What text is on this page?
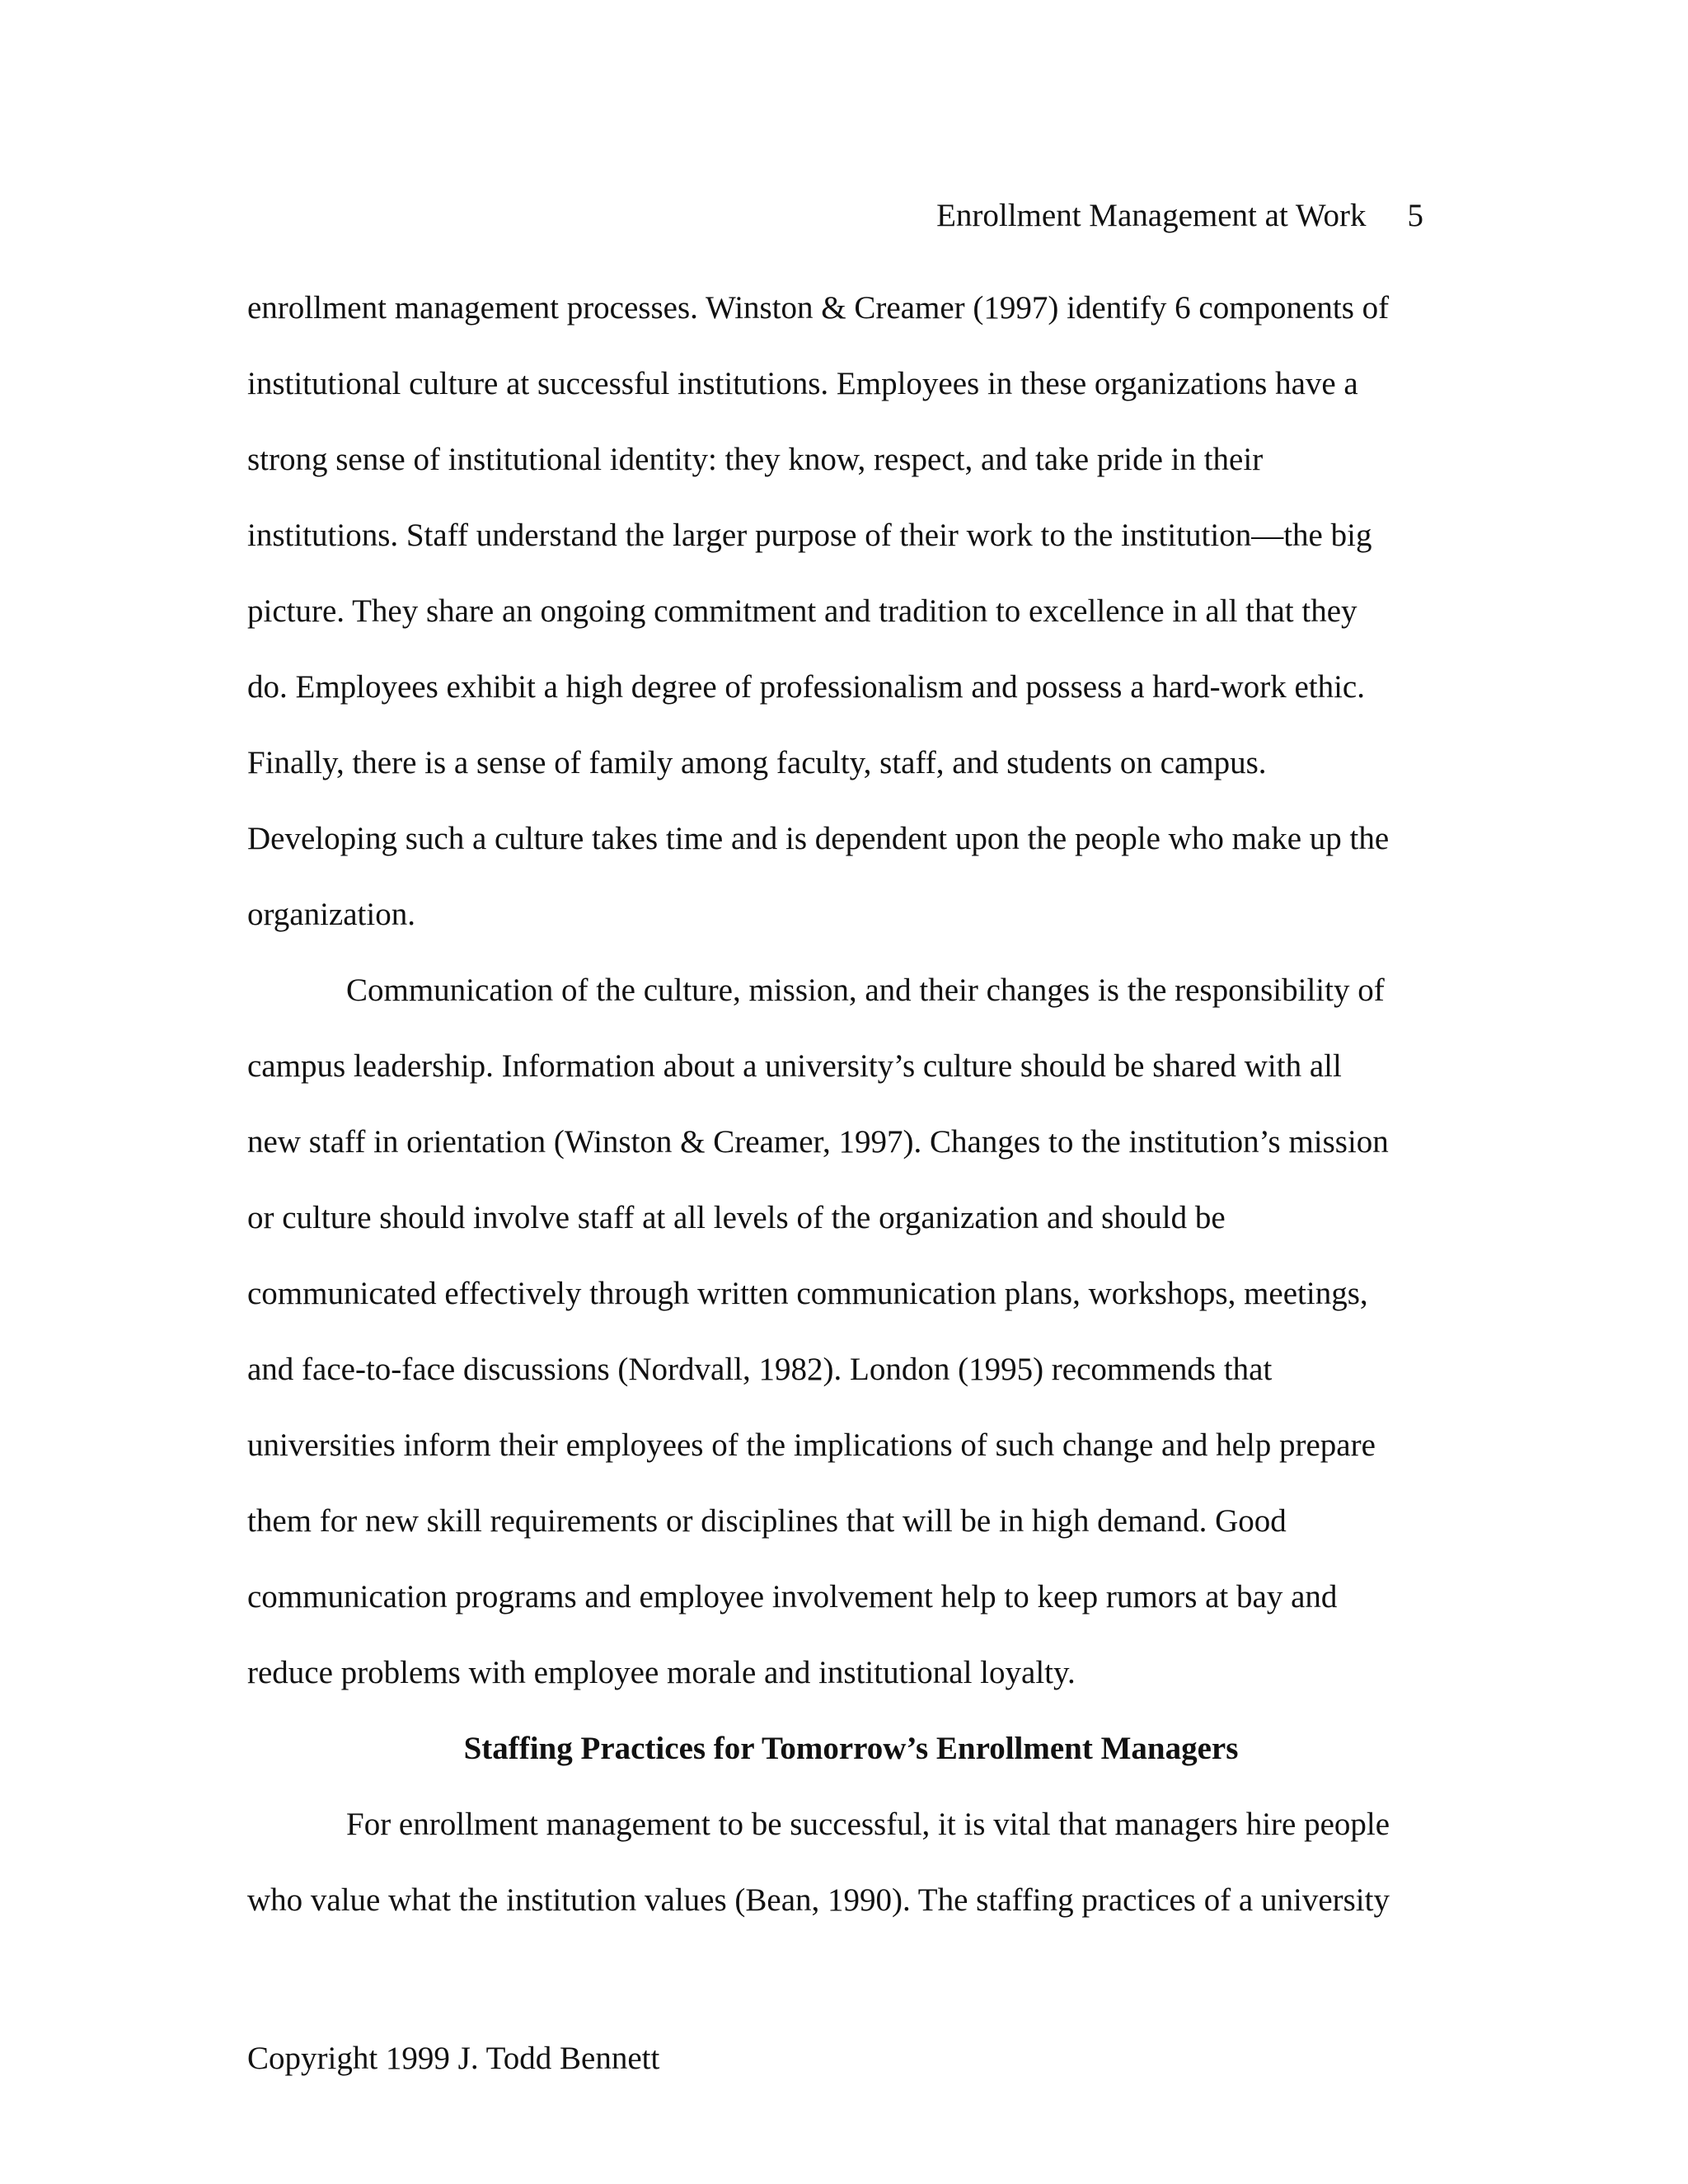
Enrollment Management at Work 5
enrollment management processes. Winston & Creamer (1997) identify 6 components of
institutional culture at successful institutions. Employees in these organizations have a
strong sense of institutional identity: they know, respect, and take pride in their
institutions. Staff understand the larger purpose of their work to the institution—the big
picture. They share an ongoing commitment and tradition to excellence in all that they
do. Employees exhibit a high degree of professionalism and possess a hard-work ethic.
Finally, there is a sense of family among faculty, staff, and students on campus.
Developing such a culture takes time and is dependent upon the people who make up the
organization.
Communication of the culture, mission, and their changes is the responsibility of
campus leadership. Information about a university’s culture should be shared with all
new staff in orientation (Winston & Creamer, 1997). Changes to the institution’s mission
or culture should involve staff at all levels of the organization and should be
communicated effectively through written communication plans, workshops, meetings,
and face-to-face discussions (Nordvall, 1982). London (1995) recommends that
universities inform their employees of the implications of such change and help prepare
them for new skill requirements or disciplines that will be in high demand. Good
communication programs and employee involvement help to keep rumors at bay and
reduce problems with employee morale and institutional loyalty.
Staffing Practices for Tomorrow’s Enrollment Managers
For enrollment management to be successful, it is vital that managers hire people
who value what the institution values (Bean, 1990). The staffing practices of a university
Copyright 1999 J. Todd Bennett
